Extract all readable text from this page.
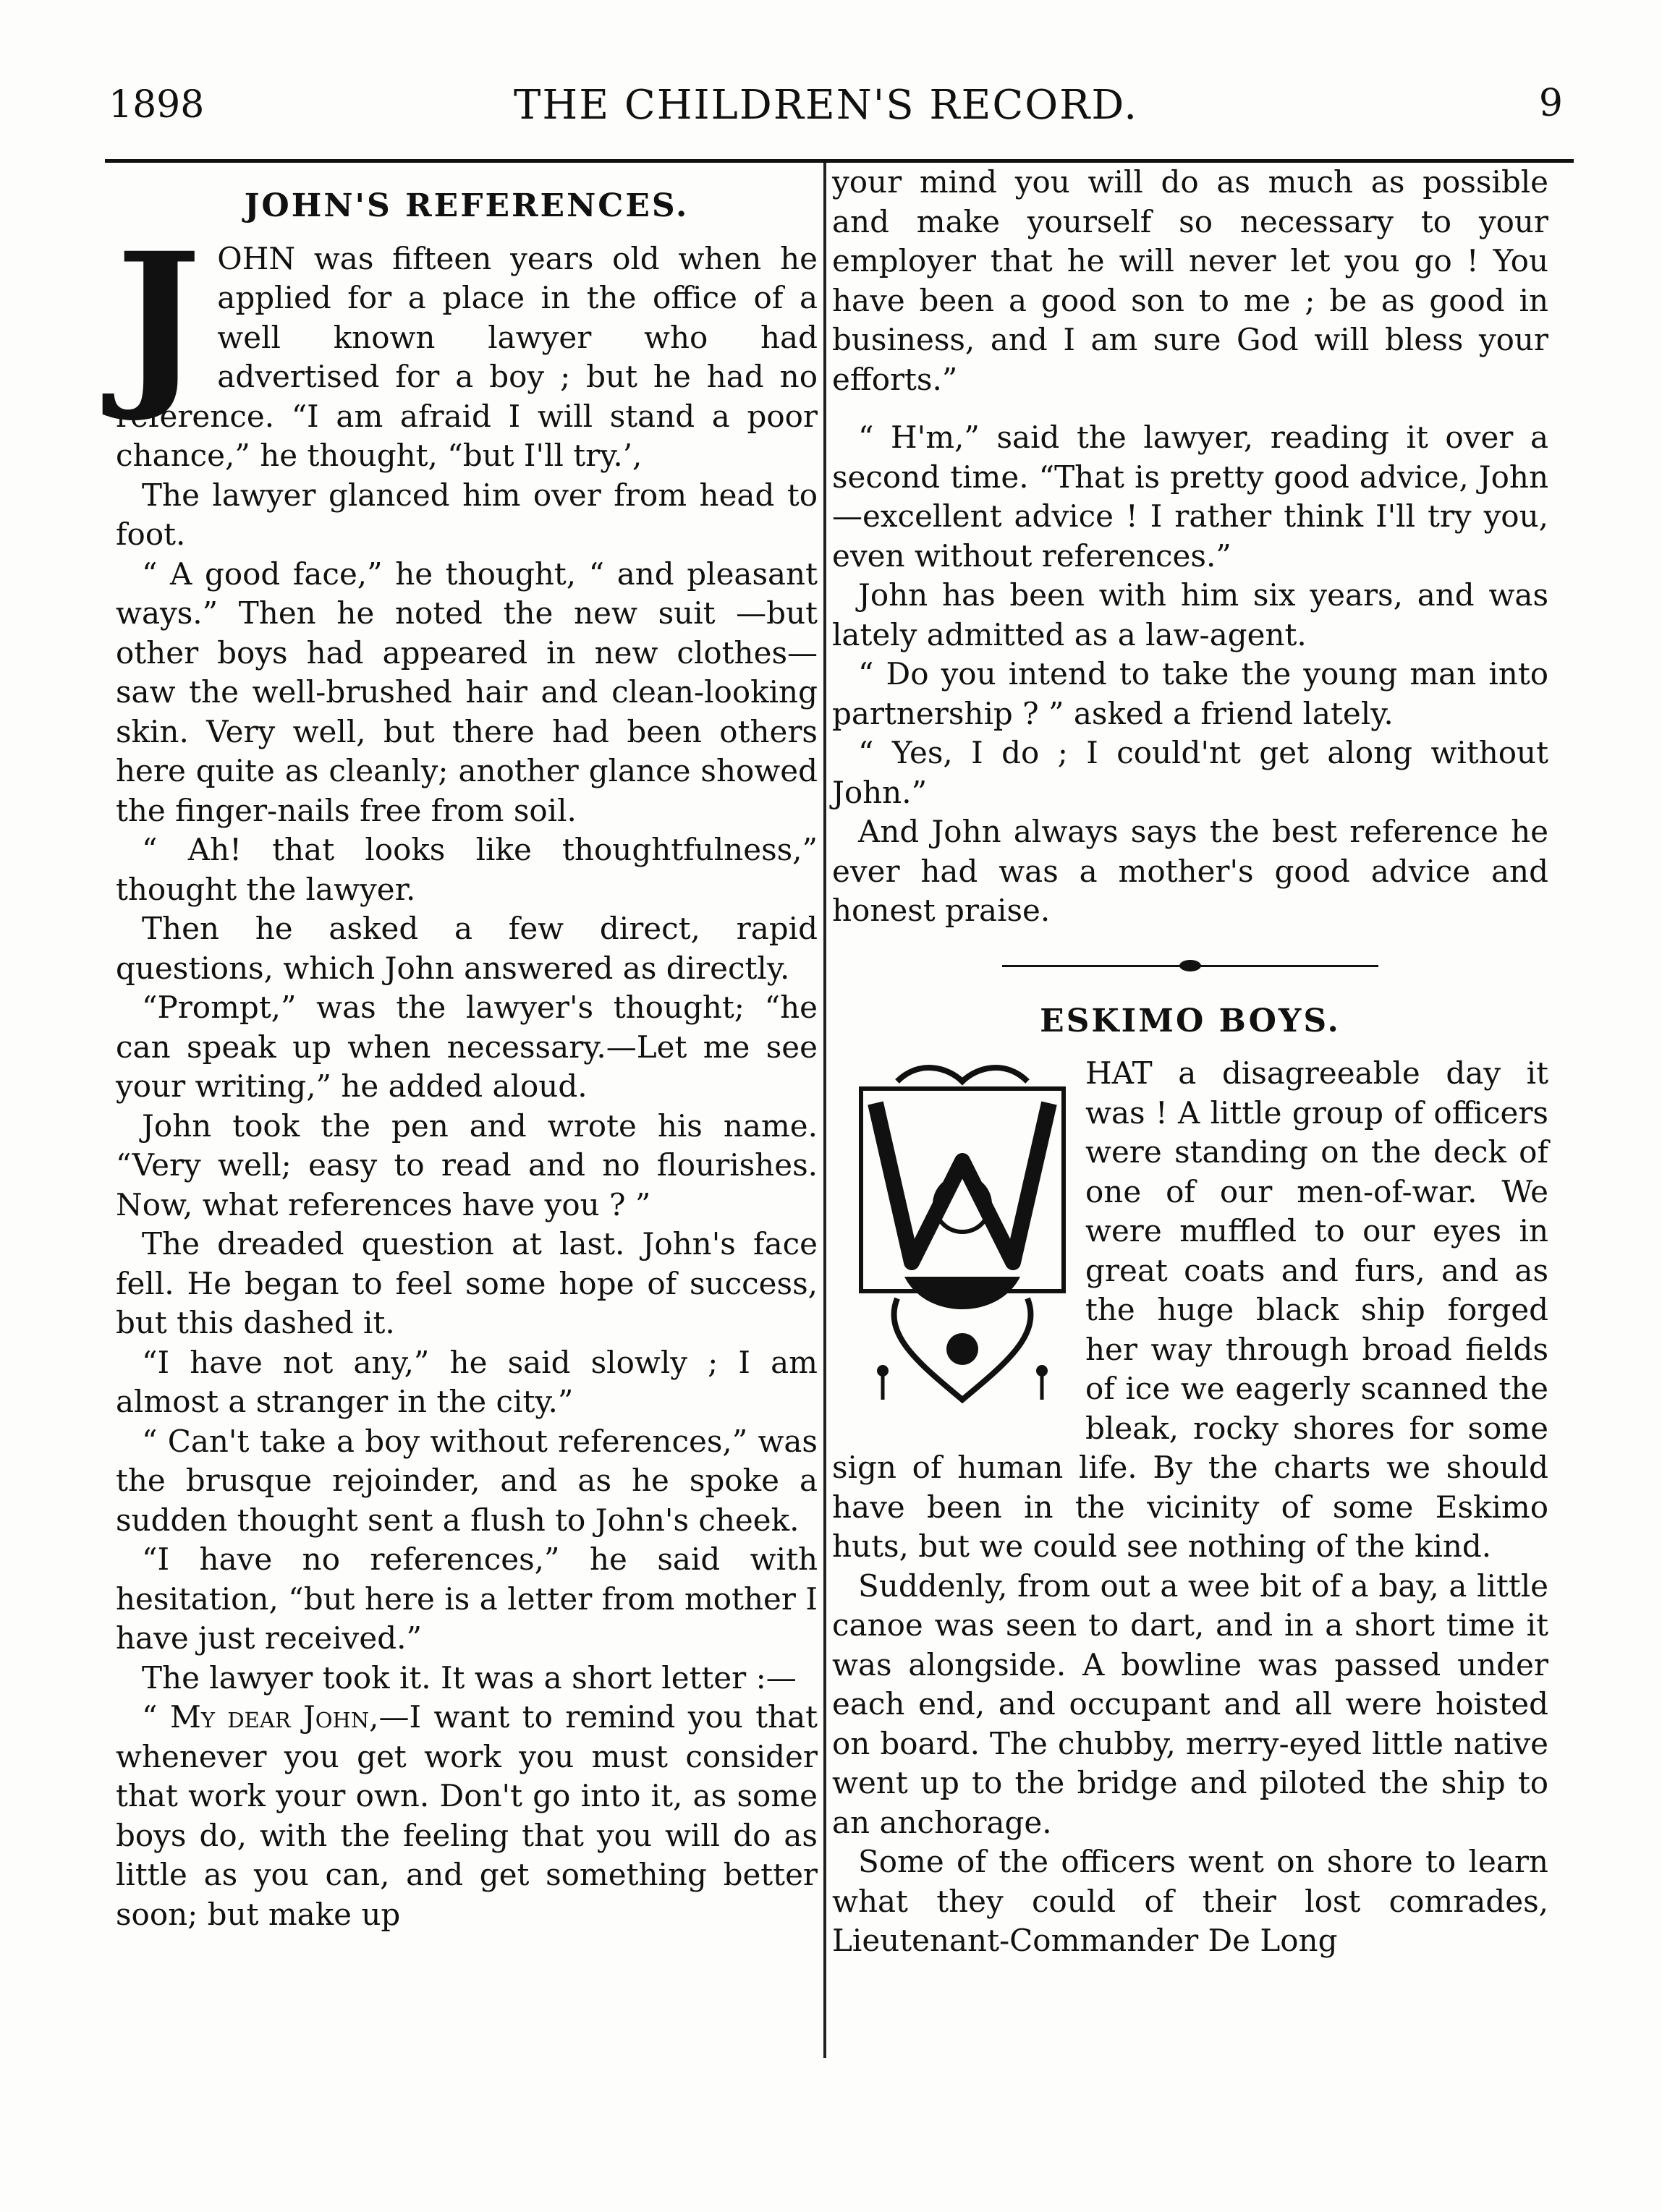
1898	THE CHILDREN'S RECORD.	9
JOHN'S REFERENCES.
J OHN was fifteen years old when he applied for a place in the office of a well known lawyer who had advertised for a boy ; but he had no reference. “I am afraid I will stand a poor chance,” he thought, “but I'll try.’,

The lawyer glanced him over from head to foot.

“ A good face,” he thought, “ and pleasant ways.” Then he noted the new suit —but other boys had appeared in new clothes—saw the well-brushed hair and clean-looking skin. Very well, but there had been others here quite as cleanly; another glance showed the finger-nails free from soil.

“ Ah! that looks like thoughtfulness,” thought the lawyer.

Then he asked a few direct, rapid questions, which John answered as directly.

“Prompt,” was the lawyer's thought; “he can speak up when necessary.—Let me see your writing,” he added aloud.

John took the pen and wrote his name. “Very well; easy to read and no flourishes. Now, what references have you ? ”

The dreaded question at last. John's face fell. He began to feel some hope of success, but this dashed it.

“I have not any,” he said slowly ; I am almost a stranger in the city.”

“ Can't take a boy without references,” was the brusque rejoinder, and as he spoke a sudden thought sent a flush to John's cheek.

“I have no references,” he said with hesitation, “but here is a letter from mother I have just received.”

The lawyer took it. It was a short letter :—

“ My dear John,—I want to remind you that whenever you get work you must consider that work your own. Don't go into it, as some boys do, with the feeling that you will do as little as you can, and get something better soon; but make up

your mind you will do as much as possible and make yourself so necessary to your employer that he will never let you go ! You have been a good son to me ; be as good in business, and I am sure God will bless your efforts.”

“ H'm,” said the lawyer, reading it over a second time. “That is pretty good advice, John—excellent advice ! I rather think I'll try you, even without references.”

John has been with him six years, and was lately admitted as a law-agent.

“ Do you intend to take the young man into partnership ? ” asked a friend lately.

“ Yes, I do ; I could'nt get along without John.”

And John always says the best reference he ever had was a mother's good advice and honest praise.

ESKIMO BOYS.

HAT a disagreeable day it was ! A little group of officers were standing on the deck of one of our men-of-war. We were muffled to our eyes in great coats and furs, and as the huge black ship forged her way through broad fields of ice we eagerly scanned the bleak, rocky shores for some sign of human life. By the charts we should have been in the vicinity of some Eskimo huts, but we could see nothing of the kind.

Suddenly, from out a wee bit of a bay, a little canoe was seen to dart, and in a short time it was alongside. A bowline was passed under each end, and occupant and all were hoisted on board. The chubby, merry-eyed little native went up to the bridge and piloted the ship to an anchorage.

Some of the officers went on shore to learn what they could of their lost comrades, Lieutenant-Commander De Long
